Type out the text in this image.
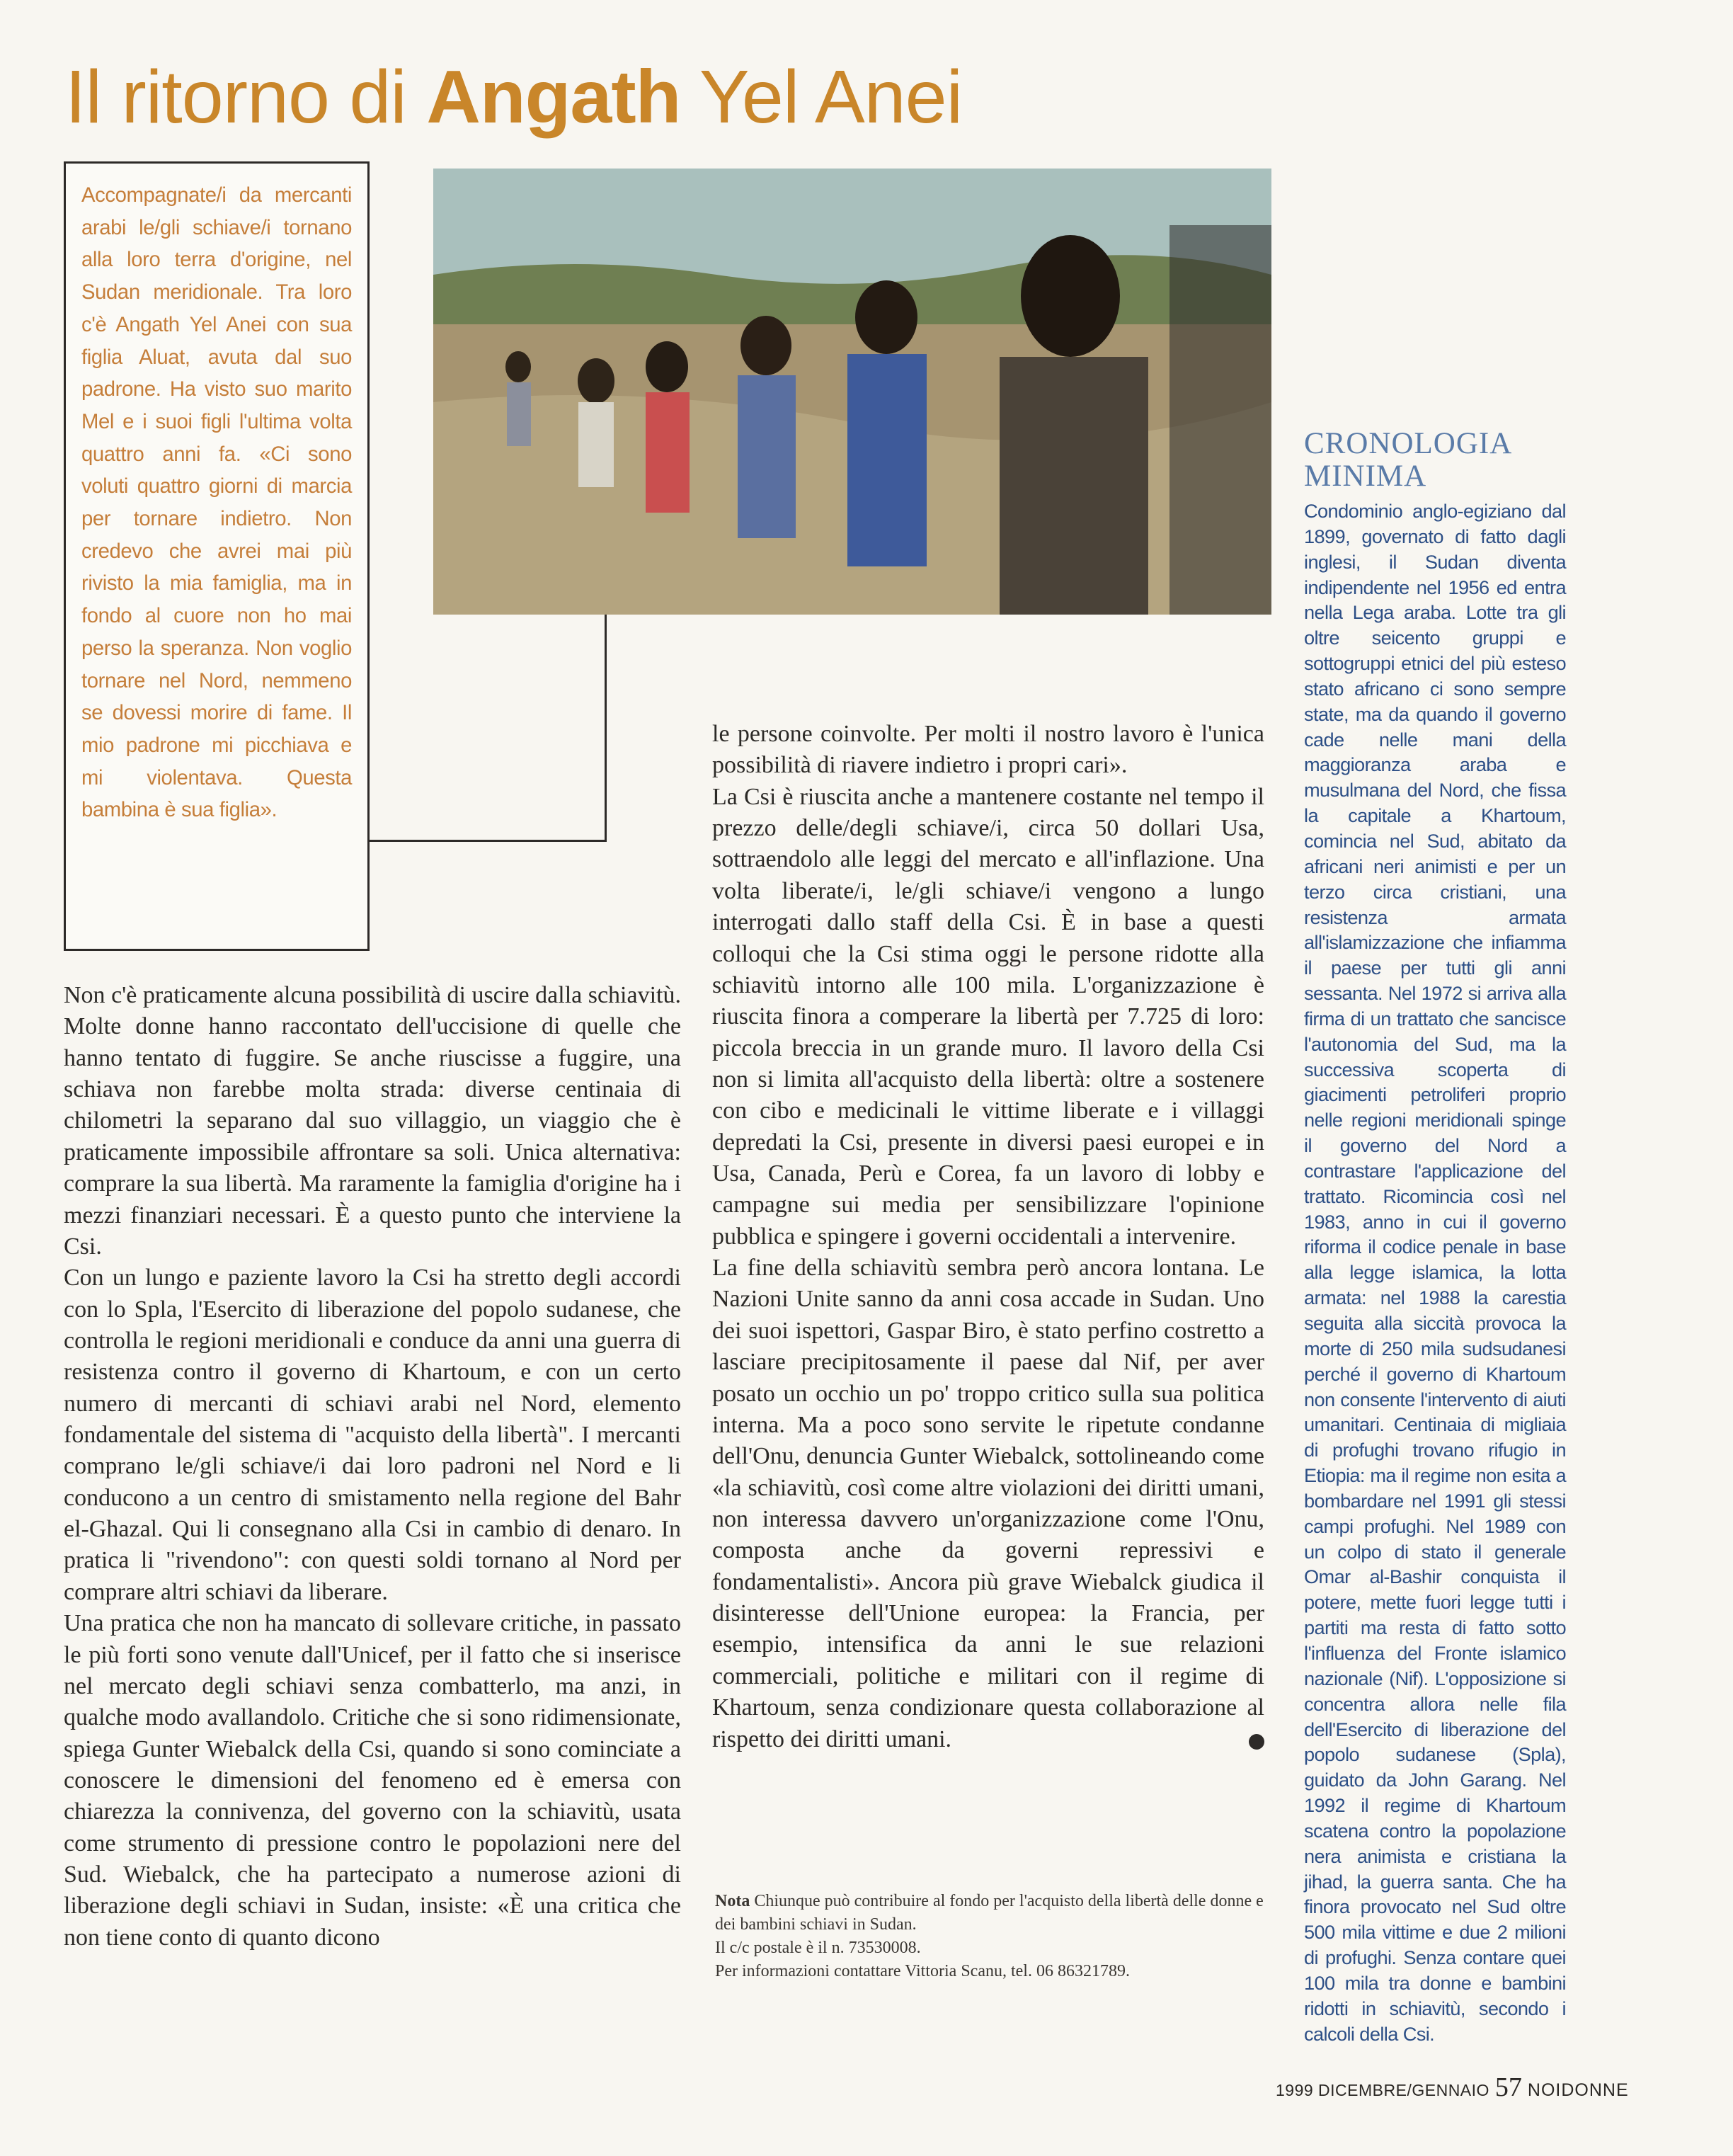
Il ritorno di Angath Yel Anei

Accompagnate/i da mercanti arabi le/gli schiave/i tornano alla loro terra d'origine, nel Sudan meridionale. Tra loro c'è Angath Yel Anei con sua figlia Aluat, avuta dal suo padrone. Ha visto suo marito Mel e i suoi figli l'ultima volta quattro anni fa. «Ci sono voluti quattro giorni di marcia per tornare indietro. Non credevo che avrei mai più rivisto la mia famiglia, ma in fondo al cuore non ho mai perso la speranza. Non voglio tornare nel Nord, nemmeno se dovessi morire di fame. Il mio padrone mi picchiava e mi violentava. Questa bambina è sua figlia».

Non c'è praticamente alcuna possibilità di uscire dalla schiavitù. Molte donne hanno raccontato dell'uccisione di quelle che hanno tentato di fuggire. Se anche riuscisse a fuggire, una schiava non farebbe molta strada: diverse centinaia di chilometri la separano dal suo villaggio, un viaggio che è praticamente impossibile affrontare sa soli. Unica alternativa: comprare la sua libertà. Ma raramente la famiglia d'origine ha i mezzi finanziari necessari. È a questo punto che interviene la Csi.

Con un lungo e paziente lavoro la Csi ha stretto degli accordi con lo Spla, l'Esercito di liberazione del popolo sudanese, che controlla le regioni meridionali e conduce da anni una guerra di resistenza contro il governo di Khartoum, e con un certo numero di mercanti di schiavi arabi nel Nord, elemento fondamentale del sistema di "acquisto della libertà". I mercanti comprano le/gli schiave/i dai loro padroni nel Nord e li conducono a un centro di smistamento nella regione del Bahr el-Ghazal. Qui li consegnano alla Csi in cambio di denaro. In pratica li "rivendono": con questi soldi tornano al Nord per comprare altri schiavi da liberare.

Una pratica che non ha mancato di sollevare critiche, in passato le più forti sono venute dall'Unicef, per il fatto che si inserisce nel mercato degli schiavi senza combatterlo, ma anzi, in qualche modo avallandolo. Critiche che si sono ridimensionate, spiega Gunter Wiebalck della Csi, quando si sono cominciate a conoscere le dimensioni del fenomeno ed è emersa con chiarezza la connivenza, del governo con la schiavitù, usata come strumento di pressione contro le popolazioni nere del Sud. Wiebalck, che ha partecipato a numerose azioni di liberazione degli schiavi in Sudan, insiste: «È una critica che non tiene conto di quanto dicono

le persone coinvolte. Per molti il nostro lavoro è l'unica possibilità di riavere indietro i propri cari».

La Csi è riuscita anche a mantenere costante nel tempo il prezzo delle/degli schiave/i, circa 50 dollari Usa, sottraendolo alle leggi del mercato e all'inflazione. Una volta liberate/i, le/gli schiave/i vengono a lungo interrogati dallo staff della Csi. È in base a questi colloqui che la Csi stima oggi le persone ridotte alla schiavitù intorno alle 100 mila. L'organizzazione è riuscita finora a comperare la libertà per 7.725 di loro: piccola breccia in un grande muro. Il lavoro della Csi non si limita all'acquisto della libertà: oltre a sostenere con cibo e medicinali le vittime liberate e i villaggi depredati la Csi, presente in diversi paesi europei e in Usa, Canada, Perù e Corea, fa un lavoro di lobby e campagne sui media per sensibilizzare l'opinione pubblica e spingere i governi occidentali a intervenire.

La fine della schiavitù sembra però ancora lontana. Le Nazioni Unite sanno da anni cosa accade in Sudan. Uno dei suoi ispettori, Gaspar Biro, è stato perfino costretto a lasciare precipitosamente il paese dal Nif, per aver posato un occhio un po' troppo critico sulla sua politica interna. Ma a poco sono servite le ripetute condanne dell'Onu, denuncia Gunter Wiebalck, sottolineando come «la schiavitù, così come altre violazioni dei diritti umani, non interessa davvero un'organizzazione come l'Onu, composta anche da governi repressivi e fondamentalisti». Ancora più grave Wiebalck giudica il disinteresse dell'Unione europea: la Francia, per esempio, intensifica da anni le sue relazioni commerciali, politiche e militari con il regime di Khartoum, senza condizionare questa collaborazione al rispetto dei diritti umani.

Nota Chiunque può contribuire al fondo per l'acquisto della libertà delle donne e dei bambini schiavi in Sudan.

Il c/c postale è il n. 73530008.

Per informazioni contattare Vittoria Scanu, tel. 06 86321789.

CRONOLOGIA
MINIMA

Condominio anglo-egiziano dal 1899, governato di fatto dagli inglesi, il Sudan diventa indipendente nel 1956 ed entra nella Lega araba. Lotte tra gli oltre seicento gruppi e sottogruppi etnici del più esteso stato africano ci sono sempre state, ma da quando il governo cade nelle mani della maggioranza araba e musulmana del Nord, che fissa la capitale a Khartoum, comincia nel Sud, abitato da africani neri animisti e per un terzo circa cristiani, una resistenza armata all'islamizzazione che infiamma il paese per tutti gli anni sessanta. Nel 1972 si arriva alla firma di un trattato che sancisce l'autonomia del Sud, ma la successiva scoperta di giacimenti petroliferi proprio nelle regioni meridionali spinge il governo del Nord a contrastare l'applicazione del trattato. Ricomincia così nel 1983, anno in cui il governo riforma il codice penale in base alla legge islamica, la lotta armata: nel 1988 la carestia seguita alla siccità provoca la morte di 250 mila sudsudanesi perché il governo di Khartoum non consente l'intervento di aiuti umanitari. Centinaia di migliaia di profughi trovano rifugio in Etiopia: ma il regime non esita a bombardare nel 1991 gli stessi campi profughi. Nel 1989 con un colpo di stato il generale Omar al-Bashir conquista il potere, mette fuori legge tutti i partiti ma resta di fatto sotto l'influenza del Fronte islamico nazionale (Nif). L'opposizione si concentra allora nelle fila dell'Esercito di liberazione del popolo sudanese (Spla), guidato da John Garang. Nel 1992 il regime di Khartoum scatena contro la popolazione nera animista e cristiana la jihad, la guerra santa. Che ha finora provocato nel Sud oltre 500 mila vittime e due 2 milioni di profughi. Senza contare quei 100 mila tra donne e bambini ridotti in schiavitù, secondo i calcoli della Csi.

1999 DICEMBRE/GENNAIO 57 NOIDONNE
